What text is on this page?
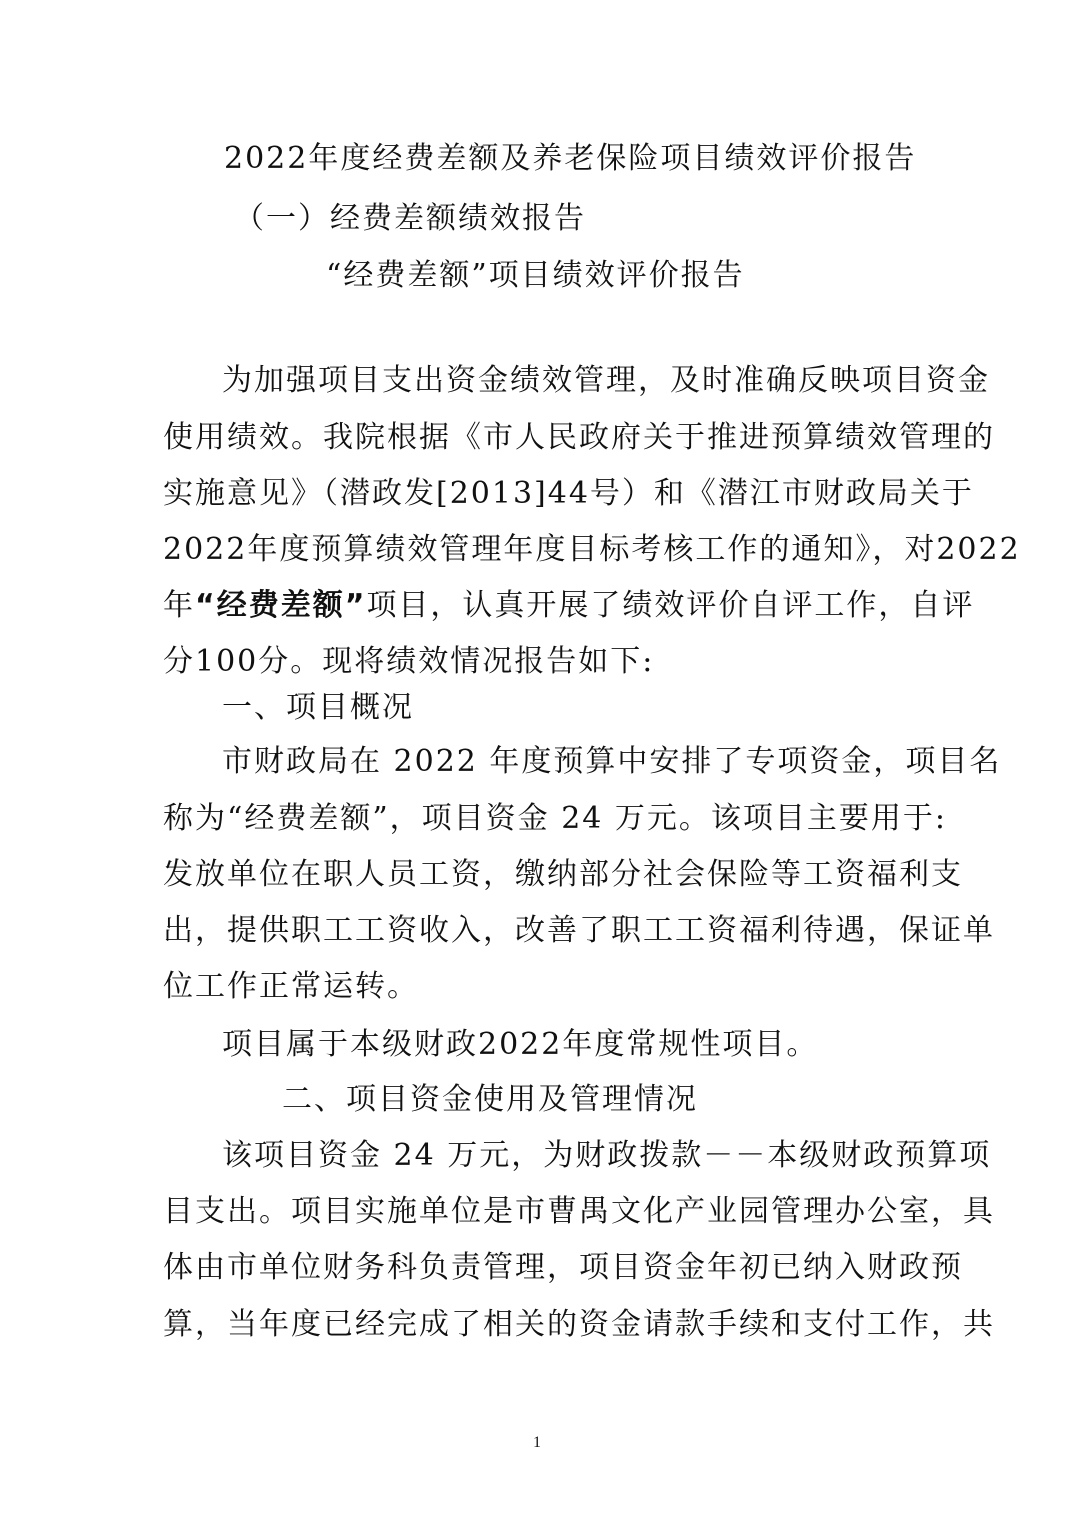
2022年度经费差额及养老保险项目绩效评价报告
（一）经费差额绩效报告
“经费差额”项目绩效评价报告
为加强项目支出资金绩效管理，及时准确反映项目资金
使用绩效。我院根据《市人民政府关于推进预算绩效管理的
实施意见》（潜政发[2013]44号）和《潜江市财政局关于
2022年度预算绩效管理年度目标考核工作的通知》，对2022
年“经费差额”项目，认真开展了绩效评价自评工作，自评
分100分。现将绩效情况报告如下:
一、项目概况
市财政局在 2022 年度预算中安排了专项资金，项目名
称为“经费差额”，项目资金 24 万元。该项目主要用于:
发放单位在职人员工资，缴纳部分社会保险等工资福利支
出，提供职工工资收入，改善了职工工资福利待遇，保证单
位工作正常运转。
项目属于本级财政2022年度常规性项目。
二、项目资金使用及管理情况
该项目资金 24 万元，为财政拨款－－本级财政预算项
目支出。项目实施单位是市曹禺文化产业园管理办公室，具
体由市单位财务科负责管理，项目资金年初已纳入财政预
算，当年度已经完成了相关的资金请款手续和支付工作，共
1
